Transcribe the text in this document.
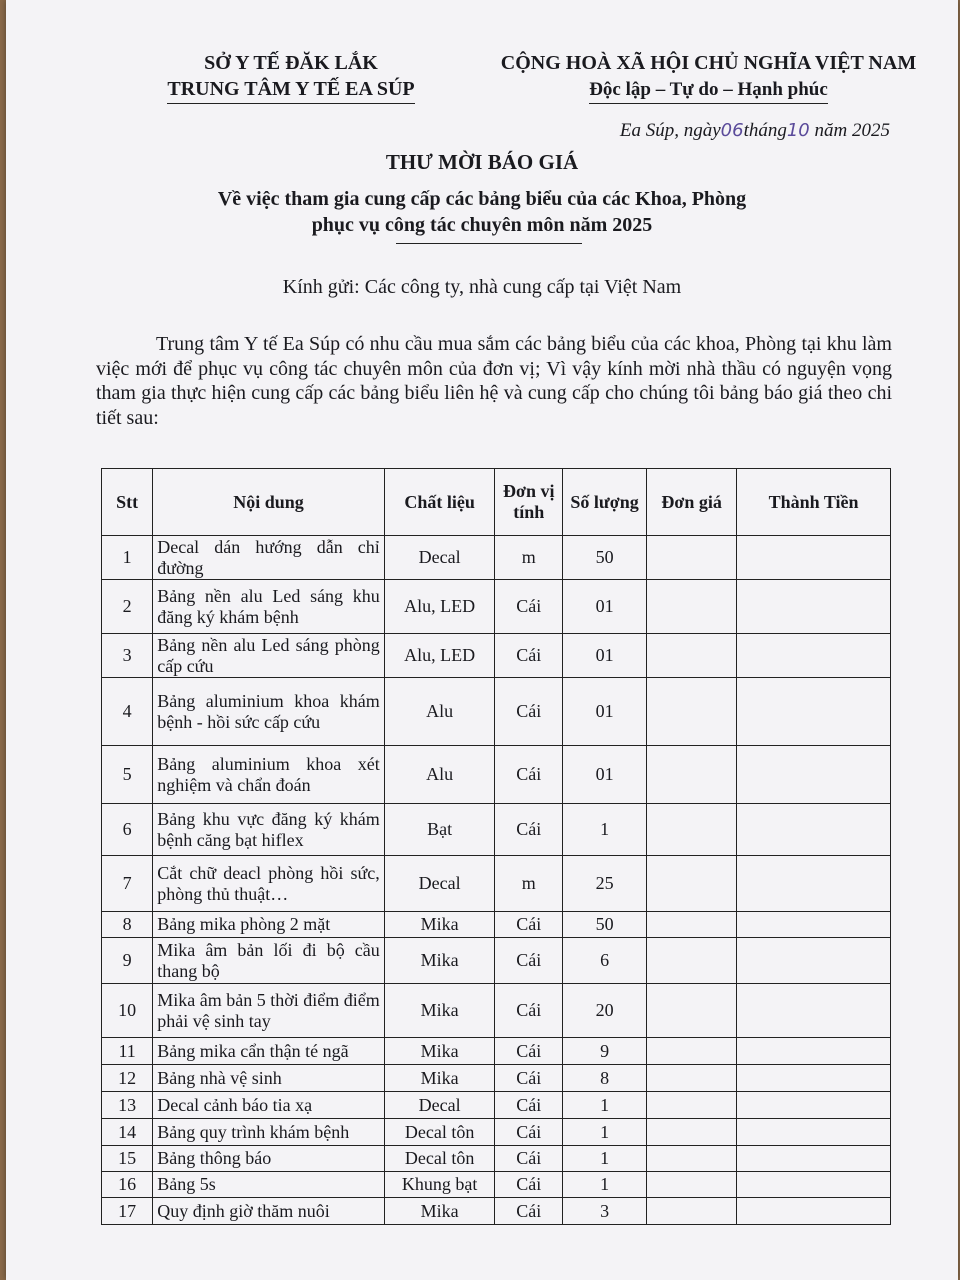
SỞ Y TẾ ĐĂK LẮK
TRUNG TÂM Y TẾ EA SÚP
CỘNG HOÀ XÃ HỘI CHỦ NGHĨA VIỆT NAM
Độc lập – Tự do – Hạnh phúc
Ea Súp, ngày06tháng10 năm 2025
THƯ MỜI BÁO GIÁ
Về việc tham gia cung cấp các bảng biểu của các Khoa, Phòng
phục vụ công tác chuyên môn năm 2025
Kính gửi: Các công ty, nhà cung cấp tại Việt Nam
Trung tâm Y tế Ea Súp có nhu cầu mua sắm các bảng biểu của các khoa, Phòng tại khu làm việc mới để phục vụ công tác chuyên môn của đơn vị; Vì vậy kính mời nhà thầu có nguyện vọng tham gia thực hiện cung cấp các bảng biểu liên hệ và cung cấp cho chúng tôi bảng báo giá theo chi tiết sau:
Stt	Nội dung	Chất liệu	Đơn vị tính	Số lượng	Đơn giá	Thành Tiền
1	Decal dán hướng dẫn chỉ đường	Decal	m	50		
2	Bảng nền alu Led sáng khu đăng ký khám bệnh	Alu, LED	Cái	01		
3	Bảng nền alu Led sáng phòng cấp cứu	Alu, LED	Cái	01		
4	Bảng aluminium khoa khám bệnh - hồi sức cấp cứu	Alu	Cái	01		
5	Bảng aluminium khoa xét nghiệm và chẩn đoán	Alu	Cái	01		
6	Bảng khu vực đăng ký khám bệnh căng bạt hiflex	Bạt	Cái	1		
7	Cắt chữ deacl phòng hồi sức, phòng thủ thuật…	Decal	m	25		
8	Bảng mika phòng 2 mặt	Mika	Cái	50		
9	Mika âm bản lối đi bộ cầu thang bộ	Mika	Cái	6		
10	Mika âm bản 5 thời điểm điểm phải vệ sinh tay	Mika	Cái	20		
11	Bảng mika cẩn thận té ngã	Mika	Cái	9		
12	Bảng nhà vệ sinh	Mika	Cái	8		
13	Decal cảnh báo tia xạ	Decal	Cái	1		
14	Bảng quy trình khám bệnh	Decal tôn	Cái	1		
15	Bảng thông báo	Decal tôn	Cái	1		
16	Bảng 5s	Khung bạt	Cái	1		
17	Quy định giờ thăm nuôi	Mika	Cái	3		
